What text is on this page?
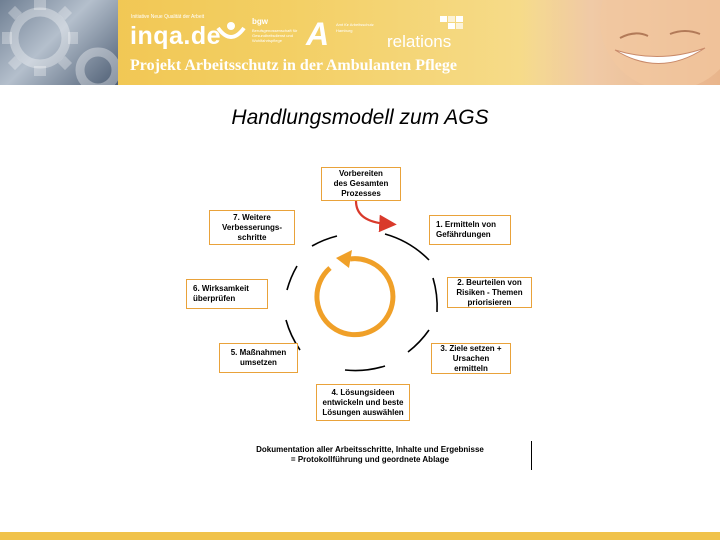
Initiative Neue Qualität der Arbeit
inqa.de
bgw
Berufsgenossenschaft für Gesundheitsdienst und Wohlfahrtspflege A Amt für Arbeitsschutz Hamburg
relations
Projekt Arbeitsschutz in der Ambulanten Pflege
Handlungsmodell zum AGS
Vorbereiten
des Gesamten
Prozesses
1. Ermitteln von
Gefährdungen
2. Beurteilen von
Risiken - Themen
priorisieren
3. Ziele setzen +
Ursachen
ermitteln
4. Lösungsideen
entwickeln und beste
Lösungen auswählen
5. Maßnahmen
umsetzen
6. Wirksamkeit
überprüfen
7. Weitere
Verbesserungs-
schritte
Dokumentation aller Arbeitsschritte, Inhalte und Ergebnisse
= Protokollführung und geordnete Ablage
